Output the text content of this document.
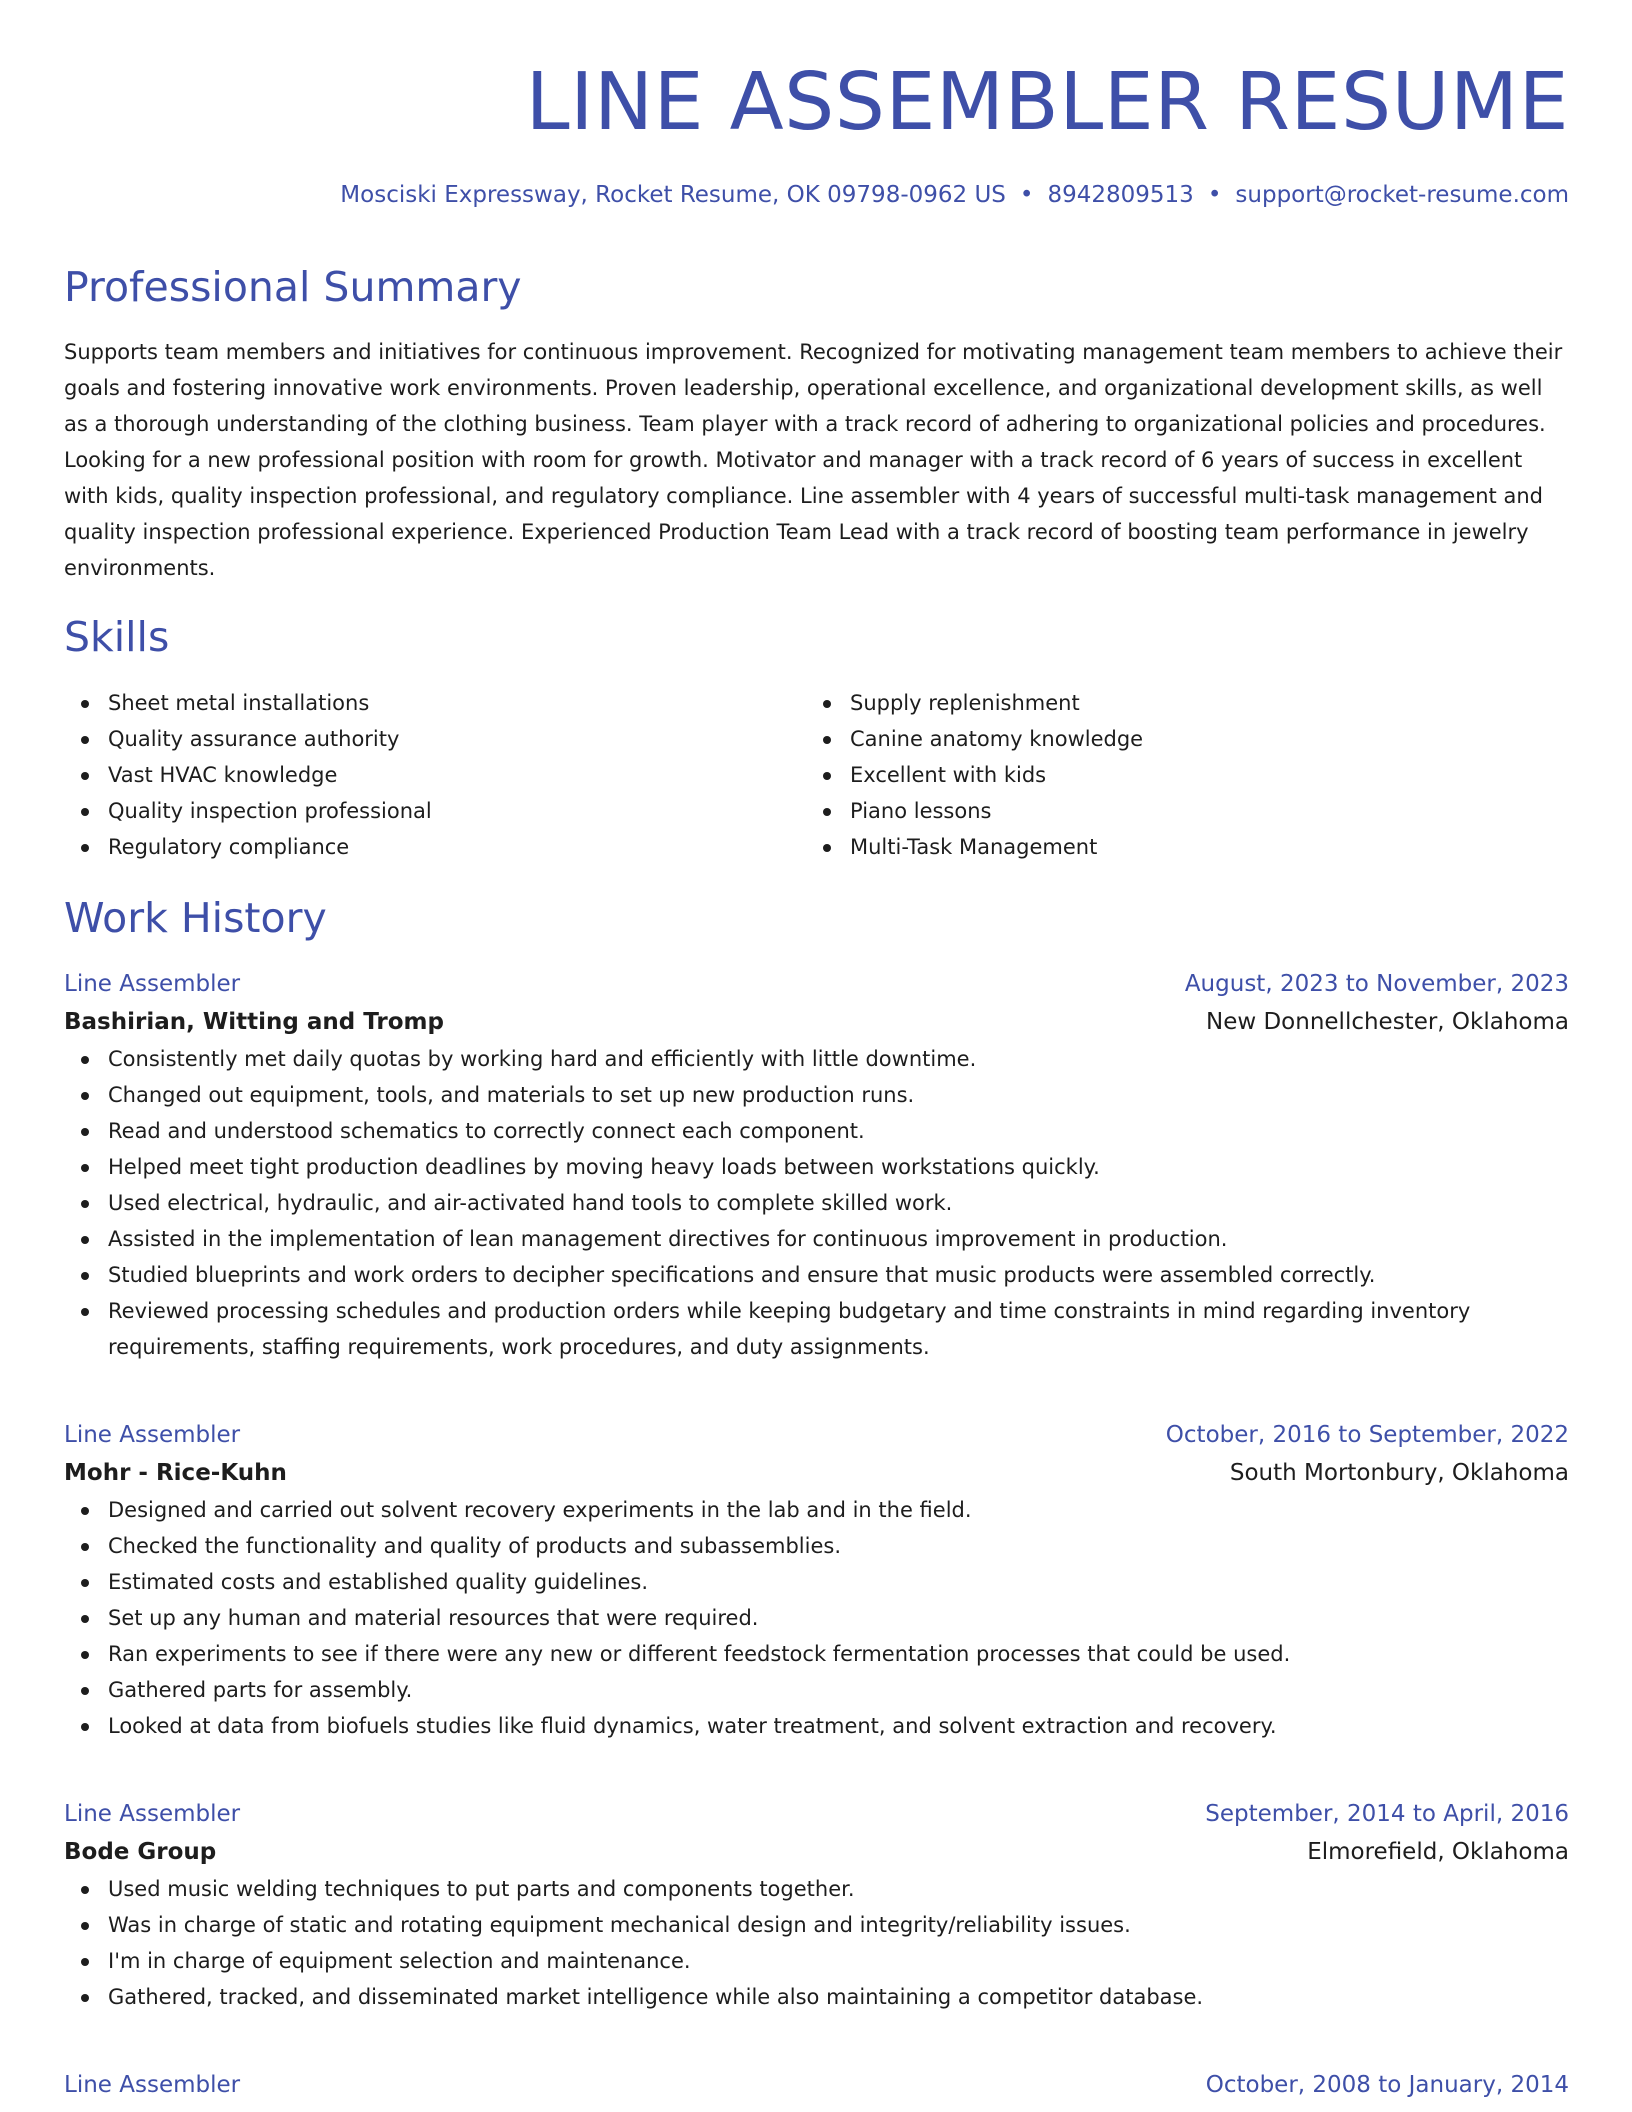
LINE ASSEMBLER RESUME
Mosciski Expressway, Rocket Resume, OK 09798-0962 US • 8942809513 • support@rocket-resume.com
Professional Summary

Supports team members and initiatives for continuous improvement. Recognized for motivating management team members to achieve their goals and fostering innovative work environments. Proven leadership, operational excellence, and organizational development skills, as well as a thorough understanding of the clothing business. Team player with a track record of adhering to organizational policies and procedures. Looking for a new professional position with room for growth. Motivator and manager with a track record of 6 years of success in excellent with kids, quality inspection professional, and regulatory compliance. Line assembler with 4 years of successful multi-task management and quality inspection professional experience. Experienced Production Team Lead with a track record of boosting team performance in jewelry environments.

Skills
Sheet metal installations
Quality assurance authority
Vast HVAC knowledge
Quality inspection professional
Regulatory compliance
Supply replenishment
Canine anatomy knowledge
Excellent with kids
Piano lessons
Multi-Task Management
Work History
Line Assembler	August, 2023 to November, 2023
Bashirian, Witting and Tromp	New Donnellchester, Oklahoma
Consistently met daily quotas by working hard and efficiently with little downtime.
Changed out equipment, tools, and materials to set up new production runs.
Read and understood schematics to correctly connect each component.
Helped meet tight production deadlines by moving heavy loads between workstations quickly.
Used electrical, hydraulic, and air-activated hand tools to complete skilled work.
Assisted in the implementation of lean management directives for continuous improvement in production.
Studied blueprints and work orders to decipher specifications and ensure that music products were assembled correctly.
Reviewed processing schedules and production orders while keeping budgetary and time constraints in mind regarding inventory requirements, staffing requirements, work procedures, and duty assignments.
Line Assembler	October, 2016 to September, 2022
Mohr - Rice-Kuhn	South Mortonbury, Oklahoma
Designed and carried out solvent recovery experiments in the lab and in the field.
Checked the functionality and quality of products and subassemblies.
Estimated costs and established quality guidelines.
Set up any human and material resources that were required.
Ran experiments to see if there were any new or different feedstock fermentation processes that could be used.
Gathered parts for assembly.
Looked at data from biofuels studies like fluid dynamics, water treatment, and solvent extraction and recovery.
Line Assembler	September, 2014 to April, 2016
Bode Group	Elmorefield, Oklahoma
Used music welding techniques to put parts and components together.
Was in charge of static and rotating equipment mechanical design and integrity/reliability issues.
I'm in charge of equipment selection and maintenance.
Gathered, tracked, and disseminated market intelligence while also maintaining a competitor database.
Line Assembler	October, 2008 to January, 2014
